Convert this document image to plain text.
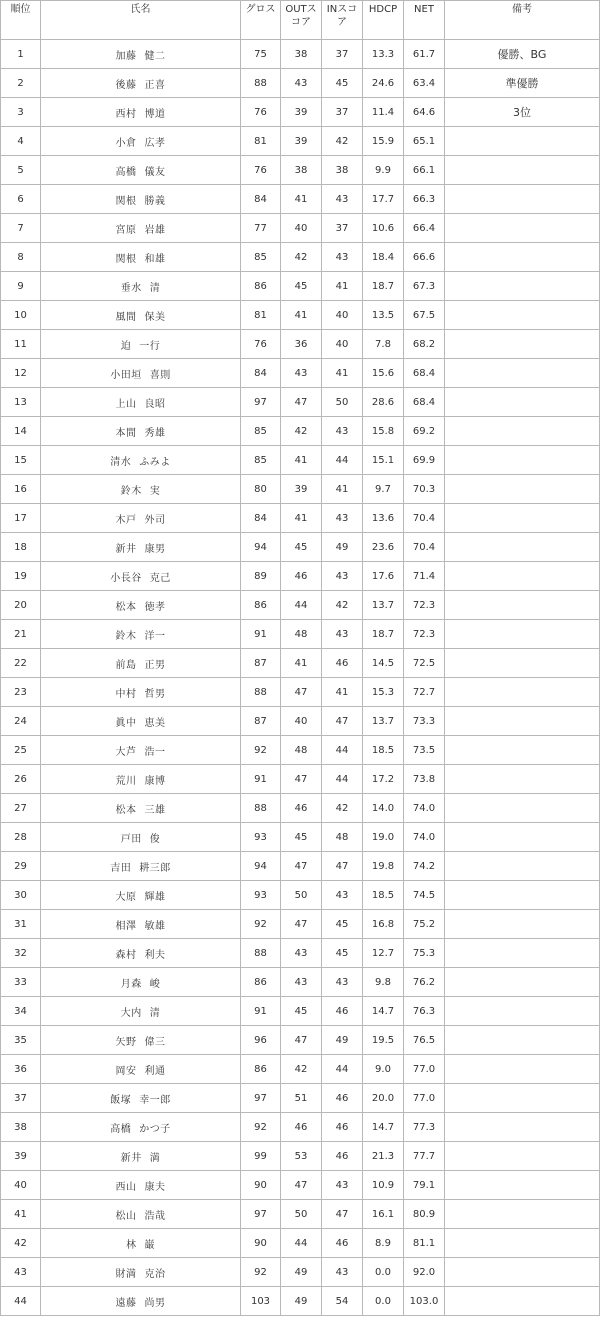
順位	氏名	グロス	OUTスコア	INスコア	HDCP	NET	備考
1	加藤 健二	75	38	37	13.3	61.7	優勝、BG
2	後藤 正喜	88	43	45	24.6	63.4	準優勝
3	西村 博道	76	39	37	11.4	64.6	3位
4	小倉 広孝	81	39	42	15.9	65.1	
5	高橋 儀友	76	38	38	9.9	66.1	
6	関根 勝義	84	41	43	17.7	66.3	
7	宮原 岩雄	77	40	37	10.6	66.4	
8	関根 和雄	85	42	43	18.4	66.6	
9	垂水 清	86	45	41	18.7	67.3	
10	風間 保美	81	41	40	13.5	67.5	
11	迫 一行	76	36	40	7.8	68.2	
12	小田垣 喜則	84	43	41	15.6	68.4	
13	上山 良昭	97	47	50	28.6	68.4	
14	本間 秀雄	85	42	43	15.8	69.2	
15	清水 ふみよ	85	41	44	15.1	69.9	
16	鈴木 実	80	39	41	9.7	70.3	
17	木戸 外司	84	41	43	13.6	70.4	
18	新井 康男	94	45	49	23.6	70.4	
19	小長谷 克己	89	46	43	17.6	71.4	
20	松本 徳孝	86	44	42	13.7	72.3	
21	鈴木 洋一	91	48	43	18.7	72.3	
22	前島 正男	87	41	46	14.5	72.5	
23	中村 哲男	88	47	41	15.3	72.7	
24	眞中 恵美	87	40	47	13.7	73.3	
25	大芦 浩一	92	48	44	18.5	73.5	
26	荒川 康博	91	47	44	17.2	73.8	
27	松本 三雄	88	46	42	14.0	74.0	
28	戸田 俊	93	45	48	19.0	74.0	
29	吉田 耕三郎	94	47	47	19.8	74.2	
30	大原 輝雄	93	50	43	18.5	74.5	
31	相澤 敏雄	92	47	45	16.8	75.2	
32	森村 利夫	88	43	45	12.7	75.3	
33	月森 峻	86	43	43	9.8	76.2	
34	大内 清	91	45	46	14.7	76.3	
35	矢野 偉三	96	47	49	19.5	76.5	
36	岡安 利通	86	42	44	9.0	77.0	
37	飯塚 幸一郎	97	51	46	20.0	77.0	
38	高橋 かつ子	92	46	46	14.7	77.3	
39	新井 満	99	53	46	21.3	77.7	
40	西山 康夫	90	47	43	10.9	79.1	
41	松山 浩哉	97	50	47	16.1	80.9	
42	林 巌	90	44	46	8.9	81.1	
43	財満 克治	92	49	43	0.0	92.0	
44	遠藤 尚男	103	49	54	0.0	103.0	
